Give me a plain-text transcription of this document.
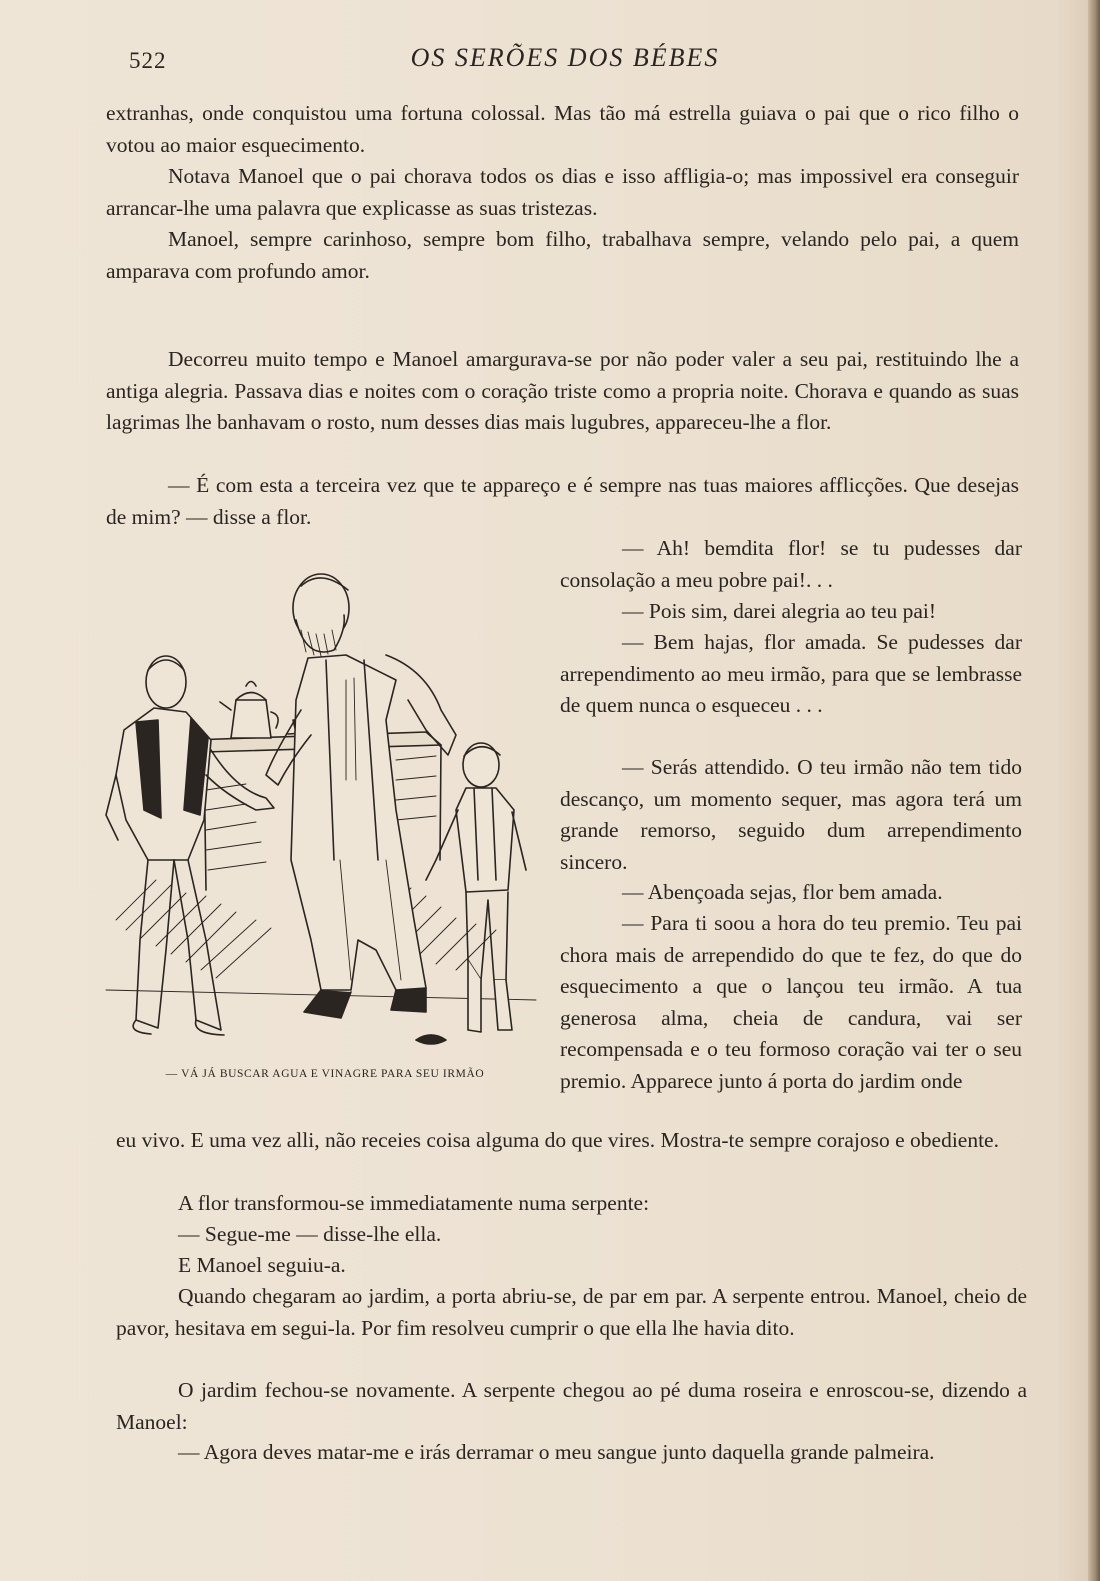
522	OS SERÕES DOS BÉBES

extranhas, onde conquistou uma fortuna colossal. Mas tão má estrella guiava o pai que o rico filho o votou ao maior esquecimento.

Notava Manoel que o pai chorava todos os dias e isso affligia-o; mas impossivel era conseguir arrancar-lhe uma palavra que explicasse as suas tristezas.

Manoel, sempre carinhoso, sempre bom filho, trabalhava sempre, velando pelo pai, a quem amparava com profundo amor.

Decorreu muito tempo e Manoel amargurava-se por não poder valer a seu pai, restituindo lhe a antiga alegria. Passava dias e noites com o coração triste como a propria noite. Chorava e quando as suas lagrimas lhe banhavam o rosto, num desses dias mais lugubres, appareceu-lhe a flor.

— É com esta a terceira vez que te appareço e é sempre nas tuas maiores afflicções. Que desejas de mim? — disse a flor.

— Ah! bemdita flor! se tu pudesses dar consolação a meu pobre pai!. . .

— Pois sim, darei alegria ao teu pai!

— Bem hajas, flor amada. Se pudesses dar arrependimento ao meu irmão, para que se lembrasse de quem nunca o esqueceu . . .

— Serás attendido. O teu irmão não tem tido descanço, um momento sequer, mas agora terá um grande remorso, seguido dum arrependimento sincero.

— Abençoada sejas, flor bem amada.

— Para ti soou a hora do teu premio. Teu pai chora mais de arrependido do que te fez, do que do esquecimento a que o lançou teu irmão. A tua generosa alma, cheia de candura, vai ser recompensada e o teu formoso coração vai ter o seu premio. Apparece junto á porta do jardim onde

eu vivo. E uma vez alli, não receies coisa alguma do que vires. Mostra-te sempre corajoso e obediente.

A flor transformou-se immediatamente numa serpente:

— Segue-me — disse-lhe ella.

E Manoel seguiu-a.

Quando chegaram ao jardim, a porta abriu-se, de par em par. A serpente entrou. Manoel, cheio de pavor, hesitava em segui-la. Por fim resolveu cumprir o que ella lhe havia dito.

O jardim fechou-se novamente. A serpente chegou ao pé duma roseira e enroscou-se, dizendo a Manoel:

— Agora deves matar-me e irás derramar o meu sangue junto daquella grande palmeira.

— VÁ JÁ BUSCAR AGUA E VINAGRE PARA SEU IRMÃO
